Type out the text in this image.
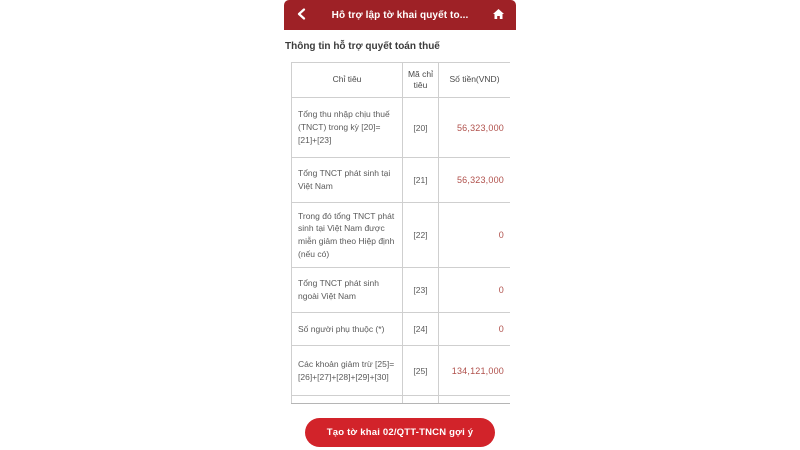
Hỗ trợ lập tờ khai quyết to...
Thông tin hỗ trợ quyết toán thuế
Chỉ tiêu	Mã chỉ tiêu	Số tiền(VND)
Tổng thu nhập chịu thuế (TNCT) trong kỳ [20]=[21]+[23]	[20]	56,323,000
Tổng TNCT phát sinh tại Việt Nam	[21]	56,323,000
Trong đó tổng TNCT phát sinh tại Việt Nam được miễn giảm theo Hiệp định (nếu có)	[22]	0
Tổng TNCT phát sinh ngoài Việt Nam	[23]	0
Số người phụ thuộc (*)	[24]	0
Các khoản giảm trừ [25]=[26]+[27]+[28]+[29]+[30]	[25]	134,121,000

Tạo tờ khai 02/QTT-TNCN gợi ý
